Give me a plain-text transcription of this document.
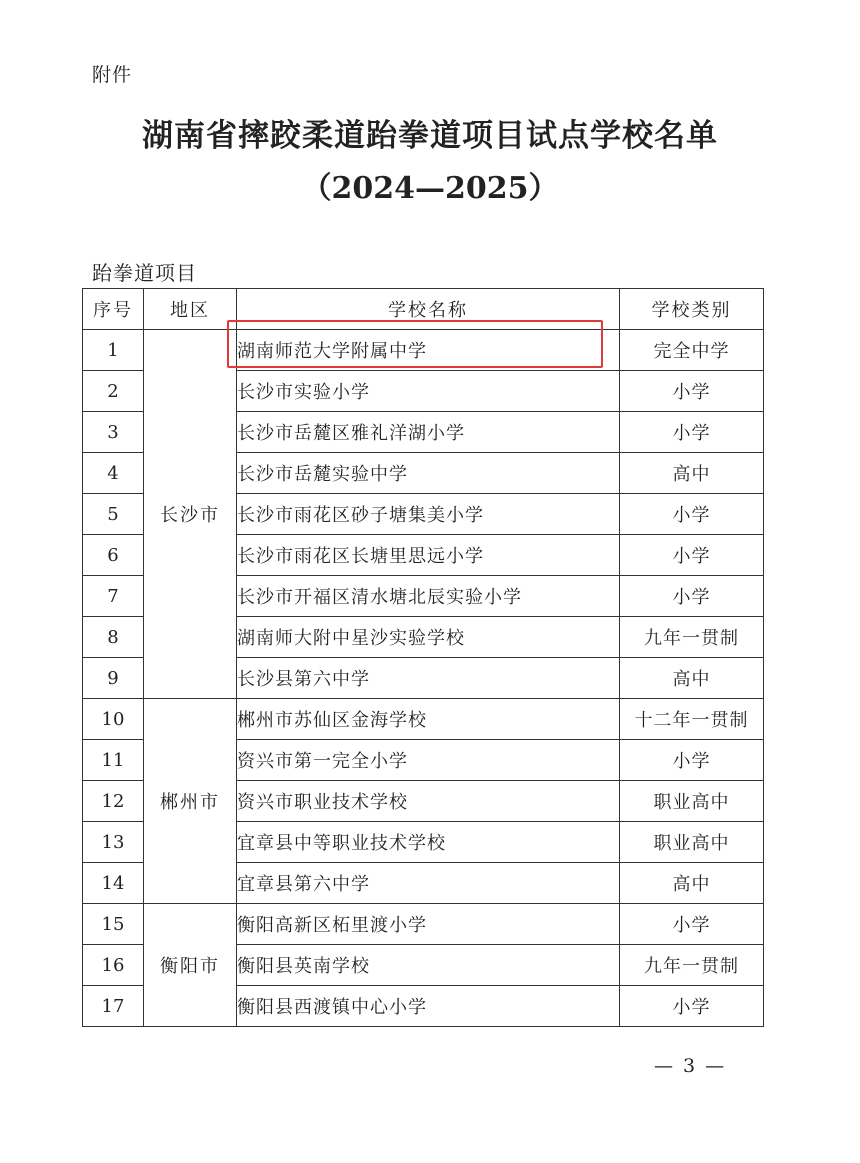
附件
湖南省摔跤柔道跆拳道项目试点学校名单
（2024—2025）
跆拳道项目
序号	地区	学校名称	学校类别
1	长沙市	湖南师范大学附属中学	完全中学
2		长沙市实验小学	小学
3		长沙市岳麓区雅礼洋湖小学	小学
4		长沙市岳麓实验中学	高中
5		长沙市雨花区砂子塘集美小学	小学
6		长沙市雨花区长塘里思远小学	小学
7		长沙市开福区清水塘北辰实验小学	小学
8		湖南师大附中星沙实验学校	九年一贯制
9		长沙县第六中学	高中
10	郴州市	郴州市苏仙区金海学校	十二年一贯制
11		资兴市第一完全小学	小学
12		资兴市职业技术学校	职业高中
13		宜章县中等职业技术学校	职业高中
14		宜章县第六中学	高中
15	衡阳市	衡阳高新区柘里渡小学	小学
16		衡阳县英南学校	九年一贯制
17		衡阳县西渡镇中心小学	小学
— 3 —
